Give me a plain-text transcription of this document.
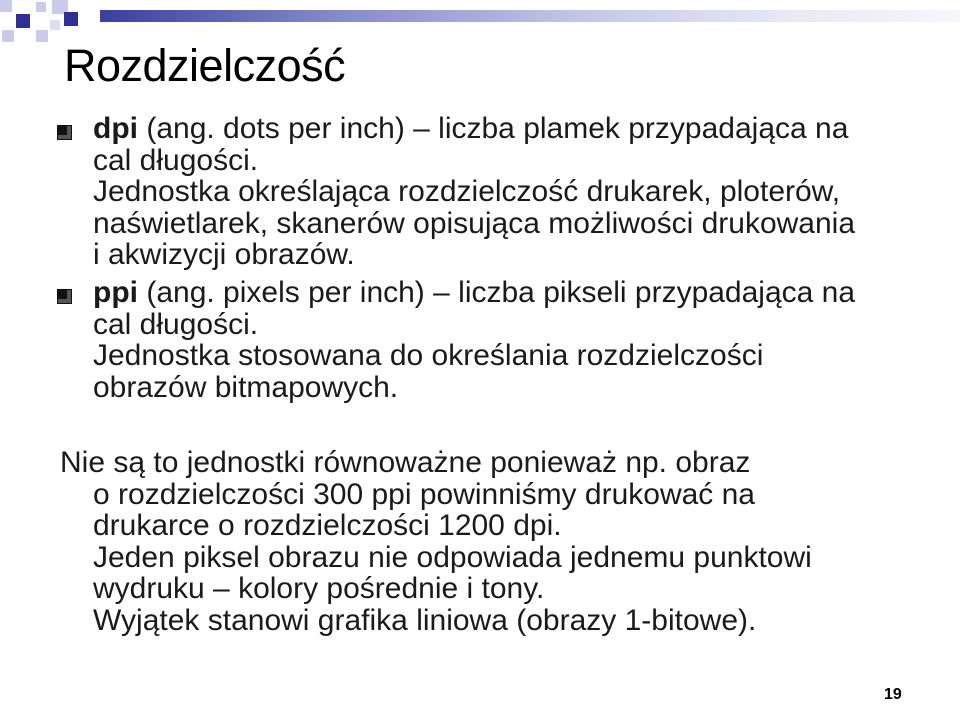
Rozdzielczość
dpi (ang. dots per inch) – liczba plamek przypadająca na
cal długości.
Jednostka określająca rozdzielczość drukarek, ploterów,
naświetlarek, skanerów opisująca możliwości drukowania
i akwizycji obrazów.
ppi (ang. pixels per inch) – liczba pikseli przypadająca na
cal długości.
Jednostka stosowana do określania rozdzielczości
obrazów bitmapowych.
Nie są to jednostki równoważne ponieważ np. obraz
o rozdzielczości 300 ppi powinniśmy drukować na
drukarce o rozdzielczości 1200 dpi.
Jeden piksel obrazu nie odpowiada jednemu punktowi
wydruku – kolory pośrednie i tony.
Wyjątek stanowi grafika liniowa (obrazy 1-bitowe).
19
